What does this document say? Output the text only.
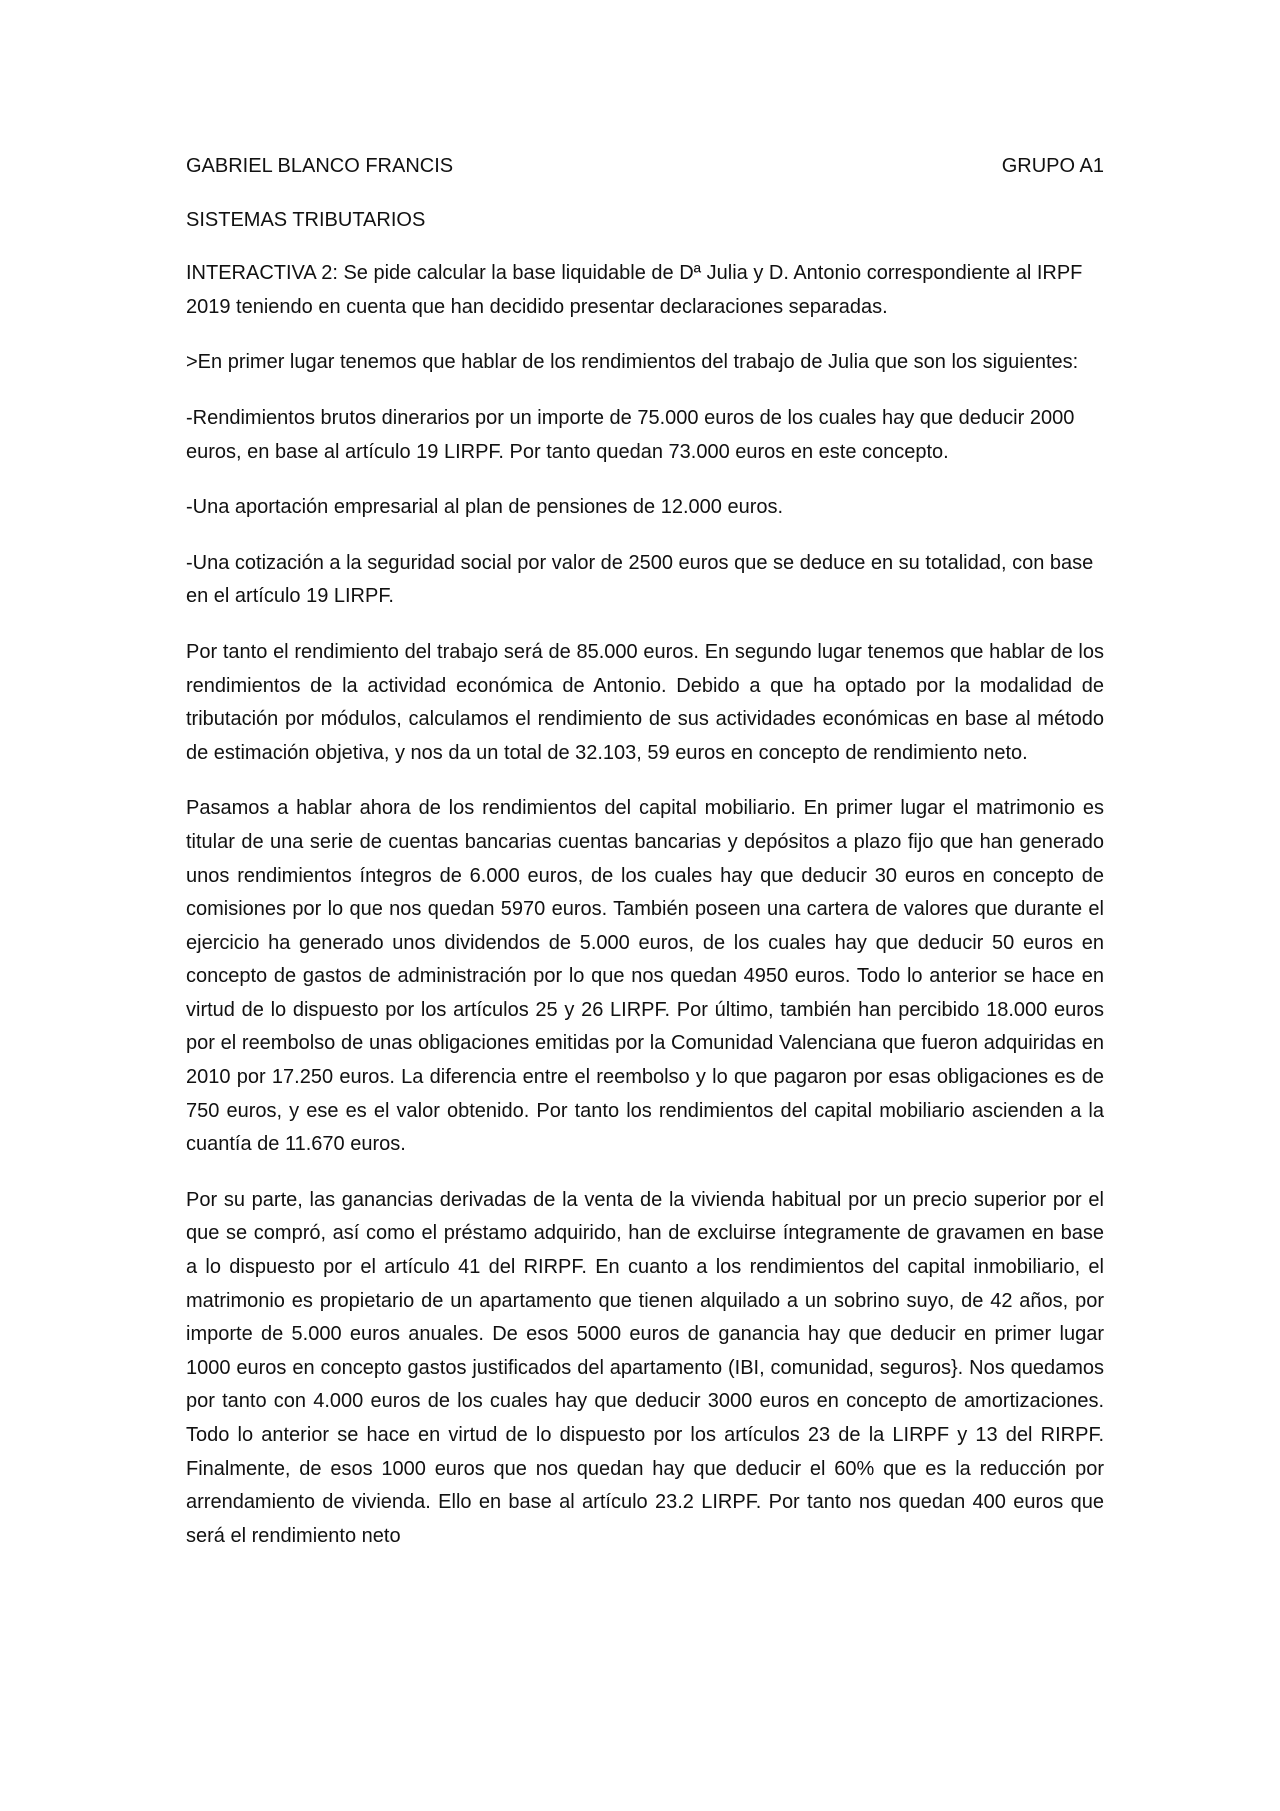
GABRIEL BLANCO FRANCIS	GRUPO A1
SISTEMAS TRIBUTARIOS

INTERACTIVA 2: Se pide calcular la base liquidable de Dª Julia y D. Antonio correspondiente al IRPF 2019 teniendo en cuenta que han decidido presentar declaraciones separadas.

>En primer lugar tenemos que hablar de los rendimientos del trabajo de Julia que son los siguientes:

-Rendimientos brutos dinerarios por un importe de 75.000 euros de los cuales hay que deducir 2000 euros, en base al artículo 19 LIRPF. Por tanto quedan 73.000 euros en este concepto.

-Una aportación empresarial al plan de pensiones de 12.000 euros.

-Una cotización a la seguridad social por valor de 2500 euros que se deduce en su totalidad, con base en el artículo 19 LIRPF.

Por tanto el rendimiento del trabajo será de 85.000 euros. En segundo lugar tenemos que hablar de los rendimientos de la actividad económica de Antonio. Debido a que ha optado por la modalidad de tributación por módulos, calculamos el rendimiento de sus actividades económicas en base al método de estimación objetiva, y nos da un total de 32.103, 59 euros en concepto de rendimiento neto.

Pasamos a hablar ahora de los rendimientos del capital mobiliario. En primer lugar el matrimonio es titular de una serie de cuentas bancarias cuentas bancarias y depósitos a plazo fijo que han generado unos rendimientos íntegros de 6.000 euros, de los cuales hay que deducir 30 euros en concepto de comisiones por lo que nos quedan 5970 euros. También poseen una cartera de valores que durante el ejercicio ha generado unos dividendos de 5.000 euros, de los cuales hay que deducir 50 euros en concepto de gastos de administración por lo que nos quedan 4950 euros. Todo lo anterior se hace en virtud de lo dispuesto por los artículos 25 y 26 LIRPF. Por último, también han percibido 18.000 euros por el reembolso de unas obligaciones emitidas por la Comunidad Valenciana que fueron adquiridas en 2010 por 17.250 euros. La diferencia entre el reembolso y lo que pagaron por esas obligaciones es de 750 euros, y ese es el valor obtenido. Por tanto los rendimientos del capital mobiliario ascienden a la cuantía de 11.670 euros.

Por su parte, las ganancias derivadas de la venta de la vivienda habitual por un precio superior por el que se compró, así como el préstamo adquirido, han de excluirse íntegramente de gravamen en base a lo dispuesto por el artículo 41 del RIRPF. En cuanto a los rendimientos del capital inmobiliario, el matrimonio es propietario de un apartamento que tienen alquilado a un sobrino suyo, de 42 años, por importe de 5.000 euros anuales. De esos 5000 euros de ganancia hay que deducir en primer lugar 1000 euros en concepto gastos justificados del apartamento (IBI, comunidad, seguros}. Nos quedamos por tanto con 4.000 euros de los cuales hay que deducir 3000 euros en concepto de amortizaciones. Todo lo anterior se hace en virtud de lo dispuesto por los artículos 23 de la LIRPF y 13 del RIRPF. Finalmente, de esos 1000 euros que nos quedan hay que deducir el 60% que es la reducción por arrendamiento de vivienda. Ello en base al artículo 23.2 LIRPF. Por tanto nos quedan 400 euros que será el rendimiento neto
